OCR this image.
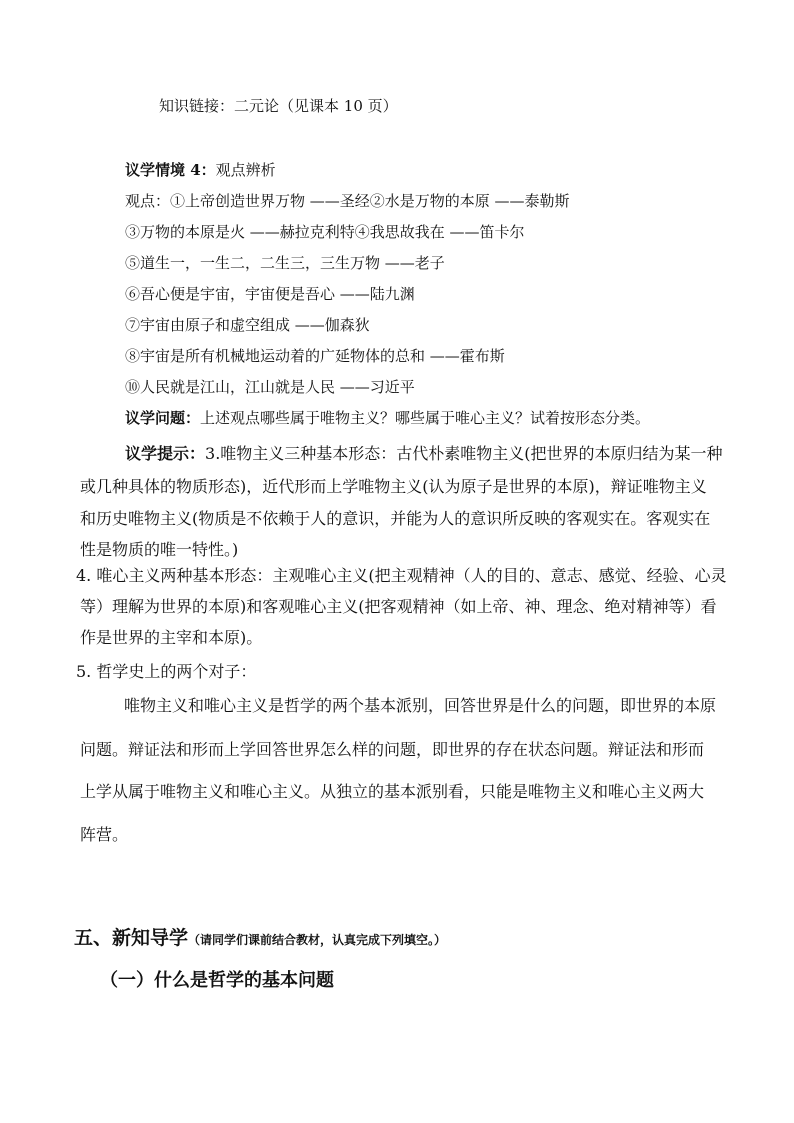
知识链接：二元论（见课本 10 页）
议学情境 4：观点辨析
观点：①上帝创造世界万物 ——圣经②水是万物的本原 ——泰勒斯
③万物的本原是火 ——赫拉克利特④我思故我在 ——笛卡尔
⑤道生一，一生二，二生三，三生万物 ——老子
⑥吾心便是宇宙，宇宙便是吾心 ——陆九渊
⑦宇宙由原子和虚空组成 ——伽森狄
⑧宇宙是所有机械地运动着的广延物体的总和 ——霍布斯
⑩人民就是江山，江山就是人民 ——习近平
议学问题：上述观点哪些属于唯物主义？哪些属于唯心主义？试着按形态分类。
议学提示：3.唯物主义三种基本形态：古代朴素唯物主义(把世界的本原归结为某一种
或几种具体的物质形态)，近代形而上学唯物主义(认为原子是世界的本原)，辩证唯物主义
和历史唯物主义(物质是不依赖于人的意识，并能为人的意识所反映的客观实在。客观实在
性是物质的唯一特性。)
4. 唯心主义两种基本形态：主观唯心主义(把主观精神（人的目的、意志、感觉、经验、心灵
等）理解为世界的本原)和客观唯心主义(把客观精神（如上帝、神、理念、绝对精神等）看
作是世界的主宰和本原)。
5. 哲学史上的两个对子：
唯物主义和唯心主义是哲学的两个基本派别，回答世界是什么的问题，即世界的本原
问题。辩证法和形而上学回答世界怎么样的问题，即世界的存在状态问题。辩证法和形而
上学从属于唯物主义和唯心主义。从独立的基本派别看，只能是唯物主义和唯心主义两大
阵营。
五、新知导学（请同学们课前结合教材，认真完成下列填空。）
（一）什么是哲学的基本问题
